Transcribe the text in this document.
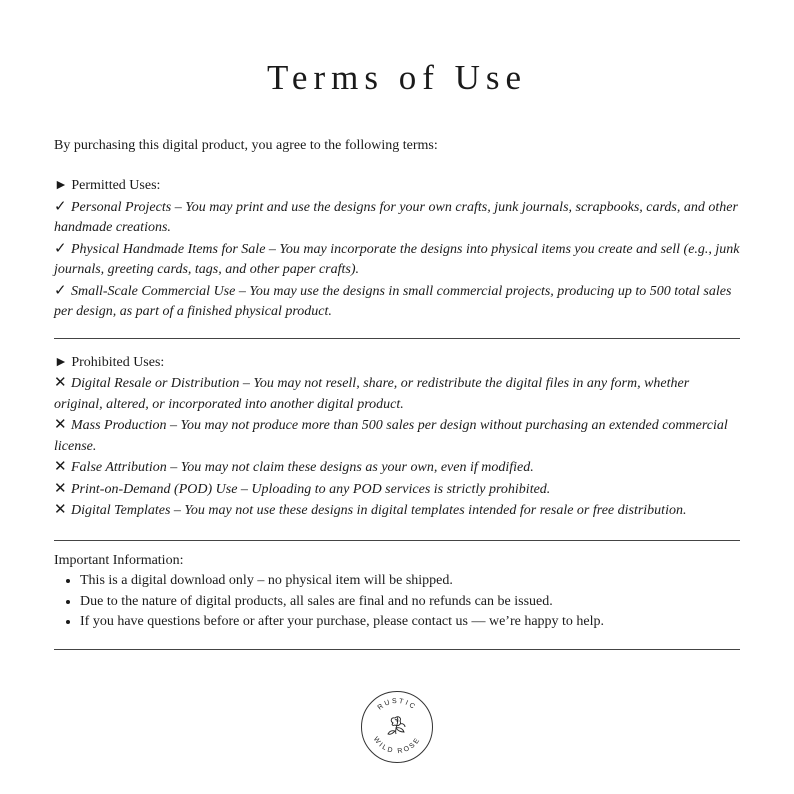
Terms of Use
By purchasing this digital product, you agree to the following terms:
► Permitted Uses:
✓ Personal Projects – You may print and use the designs for your own crafts, junk journals, scrapbooks, cards, and other handmade creations.
✓ Physical Handmade Items for Sale – You may incorporate the designs into physical items you create and sell (e.g., junk journals, greeting cards, tags, and other paper crafts).
✓ Small-Scale Commercial Use – You may use the designs in small commercial projects, producing up to 500 total sales per design, as part of a finished physical product.
► Prohibited Uses:
✕ Digital Resale or Distribution – You may not resell, share, or redistribute the digital files in any form, whether original, altered, or incorporated into another digital product.
✕ Mass Production – You may not produce more than 500 sales per design without purchasing an extended commercial license.
✕ False Attribution – You may not claim these designs as your own, even if modified.
✕ Print-on-Demand (POD) Use – Uploading to any POD services is strictly prohibited.
✕ Digital Templates – You may not use these designs in digital templates intended for resale or free distribution.
Important Information:
• This is a digital download only – no physical item will be shipped.
• Due to the nature of digital products, all sales are final and no refunds can be issued.
• If you have questions before or after your purchase, please contact us — we’re happy to help.
RUSTIC
WILD ROSE
